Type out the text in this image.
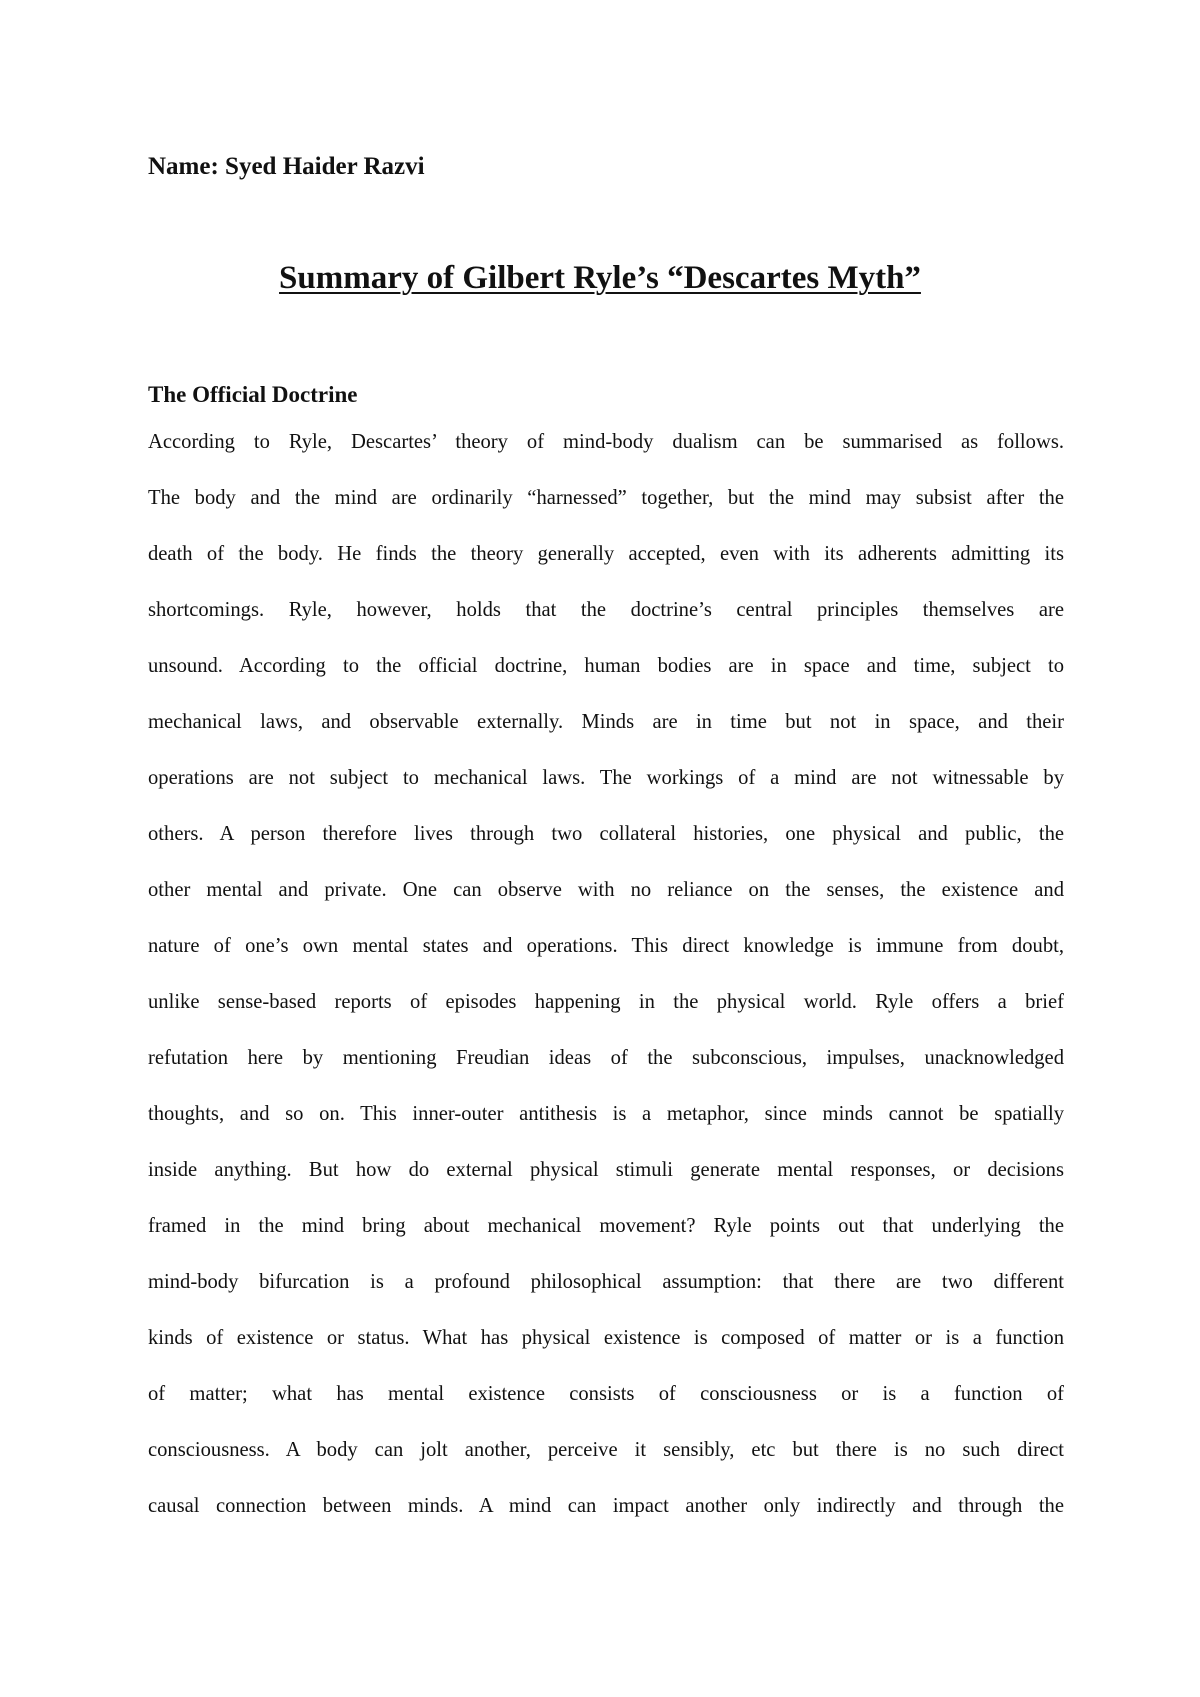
Name: Syed Haider Razvi
Summary of Gilbert Ryle’s “Descartes Myth”
The Official Doctrine
According to Ryle, Descartes’ theory of mind-body dualism can be summarised as follows.
The body and the mind are ordinarily “harnessed” together, but the mind may subsist after the
death of the body. He finds the theory generally accepted, even with its adherents admitting its
shortcomings. Ryle, however, holds that the doctrine’s central principles themselves are
unsound. According to the official doctrine, human bodies are in space and time, subject to
mechanical laws, and observable externally. Minds are in time but not in space, and their
operations are not subject to mechanical laws. The workings of a mind are not witnessable by
others. A person therefore lives through two collateral histories, one physical and public, the
other mental and private. One can observe with no reliance on the senses, the existence and
nature of one’s own mental states and operations. This direct knowledge is immune from doubt,
unlike sense-based reports of episodes happening in the physical world. Ryle offers a brief
refutation here by mentioning Freudian ideas of the subconscious, impulses, unacknowledged
thoughts, and so on. This inner-outer antithesis is a metaphor, since minds cannot be spatially
inside anything. But how do external physical stimuli generate mental responses, or decisions
framed in the mind bring about mechanical movement? Ryle points out that underlying the
mind-body bifurcation is a profound philosophical assumption: that there are two different
kinds of existence or status. What has physical existence is composed of matter or is a function
of matter; what has mental existence consists of consciousness or is a function of
consciousness. A body can jolt another, perceive it sensibly, etc but there is no such direct
causal connection between minds. A mind can impact another only indirectly and through the
